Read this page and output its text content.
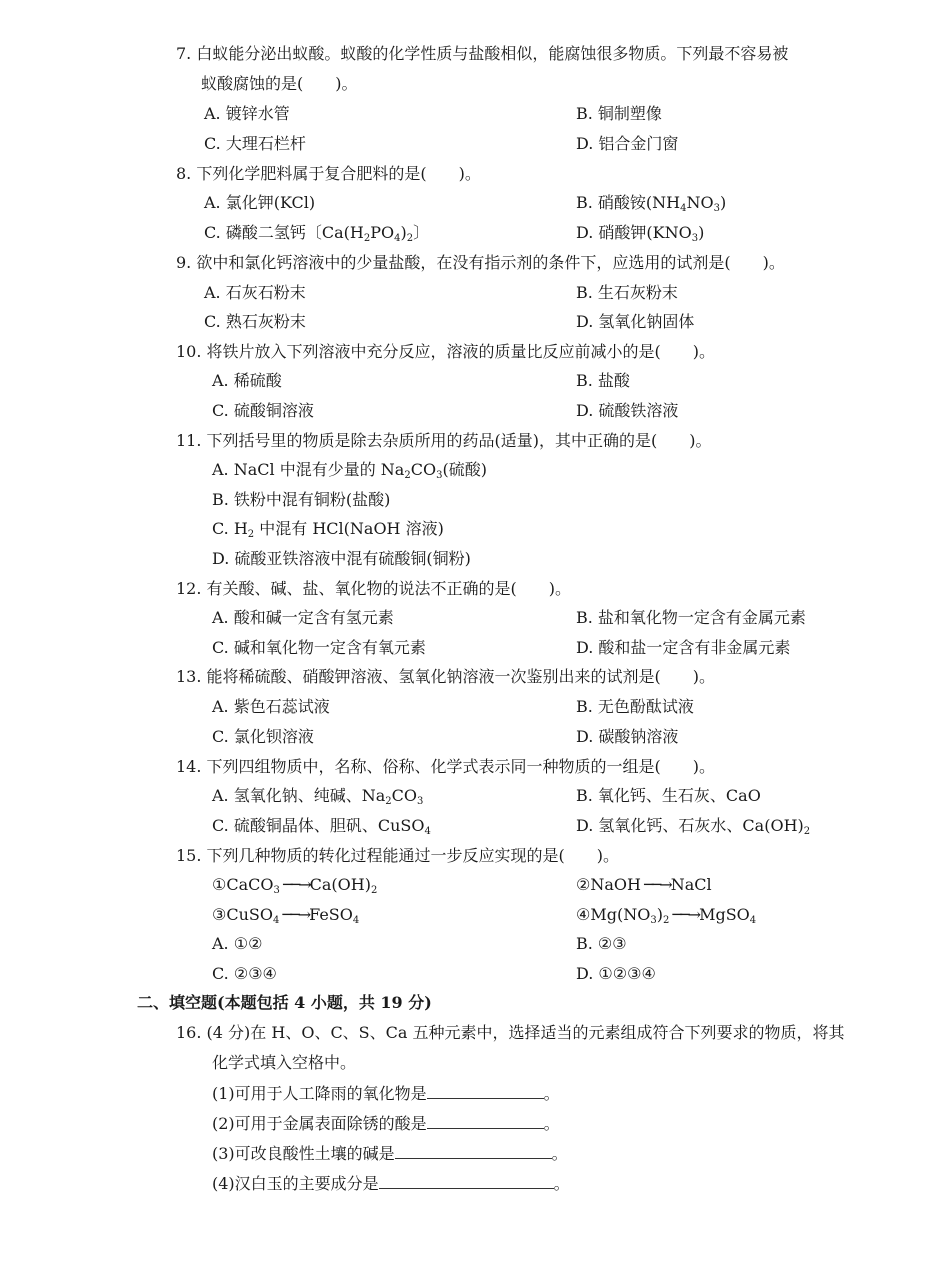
7. 白蚁能分泌出蚁酸。蚁酸的化学性质与盐酸相似，能腐蚀很多物质。下列最不容易被
蚁酸腐蚀的是(　　)。
A. 镀锌水管	B. 铜制塑像
C. 大理石栏杆	D. 铝合金门窗
8. 下列化学肥料属于复合肥料的是(　　)。
A. 氯化钾(KCl)	B. 硝酸铵$(NH_4NO_3)$
C. 磷酸二氢钙〔$Ca(H_2PO_4)_2$〕	D. 硝酸钾$(KNO_3)$
9. 欲中和氯化钙溶液中的少量盐酸，在没有指示剂的条件下，应选用的试剂是(　　)。
A. 石灰石粉末	B. 生石灰粉末
C. 熟石灰粉末	D. 氢氧化钠固体
10. 将铁片放入下列溶液中充分反应，溶液的质量比反应前减小的是(　　)。
A. 稀硫酸	B. 盐酸
C. 硫酸铜溶液	D. 硫酸铁溶液
11. 下列括号里的物质是除去杂质所用的药品(适量)，其中正确的是(　　)。
A. NaCl 中混有少量的 $Na_2CO_3$(硫酸)
B. 铁粉中混有铜粉(盐酸)
C. $H_2$ 中混有 HCl(NaOH 溶液)
D. 硫酸亚铁溶液中混有硫酸铜(铜粉)
12. 有关酸、碱、盐、氧化物的说法不正确的是(　　)。
A. 酸和碱一定含有氢元素	B. 盐和氧化物一定含有金属元素
C. 碱和氧化物一定含有氧元素	D. 酸和盐一定含有非金属元素
13. 能将稀硫酸、硝酸钾溶液、氢氧化钠溶液一次鉴别出来的试剂是(　　)。
A. 紫色石蕊试液	B. 无色酚酞试液
C. 氯化钡溶液	D. 碳酸钠溶液
14. 下列四组物质中，名称、俗称、化学式表示同一种物质的一组是(　　)。
A. 氢氧化钠、纯碱、$Na_2CO_3$	B. 氧化钙、生石灰、CaO
C. 硫酸铜晶体、胆矾、CuSO$_4$	D. 氢氧化钙、石灰水、$Ca(OH)_2$
15. 下列几种物质的转化过程能通过一步反应实现的是(　　)。
①CaCO$_3$ $──\to Ca(OH)_2$	②NaOH ──→NaCl
③CuSO$_4$ ──→FeSO$_4$	$④Mg(NO_3)_2$ ──→MgSO$_4$
A. ①②	B. ②③
C. ②③④	D. ①②③④
二、填空题(本题包括 4 小题，共 19 分)
16. (4 分)在 H、O、C、S、Ca 五种元素中，选择适当的元素组成符合下列要求的物质，将其
化学式填入空格中。
(1)可用于人工降雨的氧化物是	。
(2)可用于金属表面除锈的酸是	。
(3)可改良酸性土壤的碱是	。
(4)汉白玉的主要成分是	。
